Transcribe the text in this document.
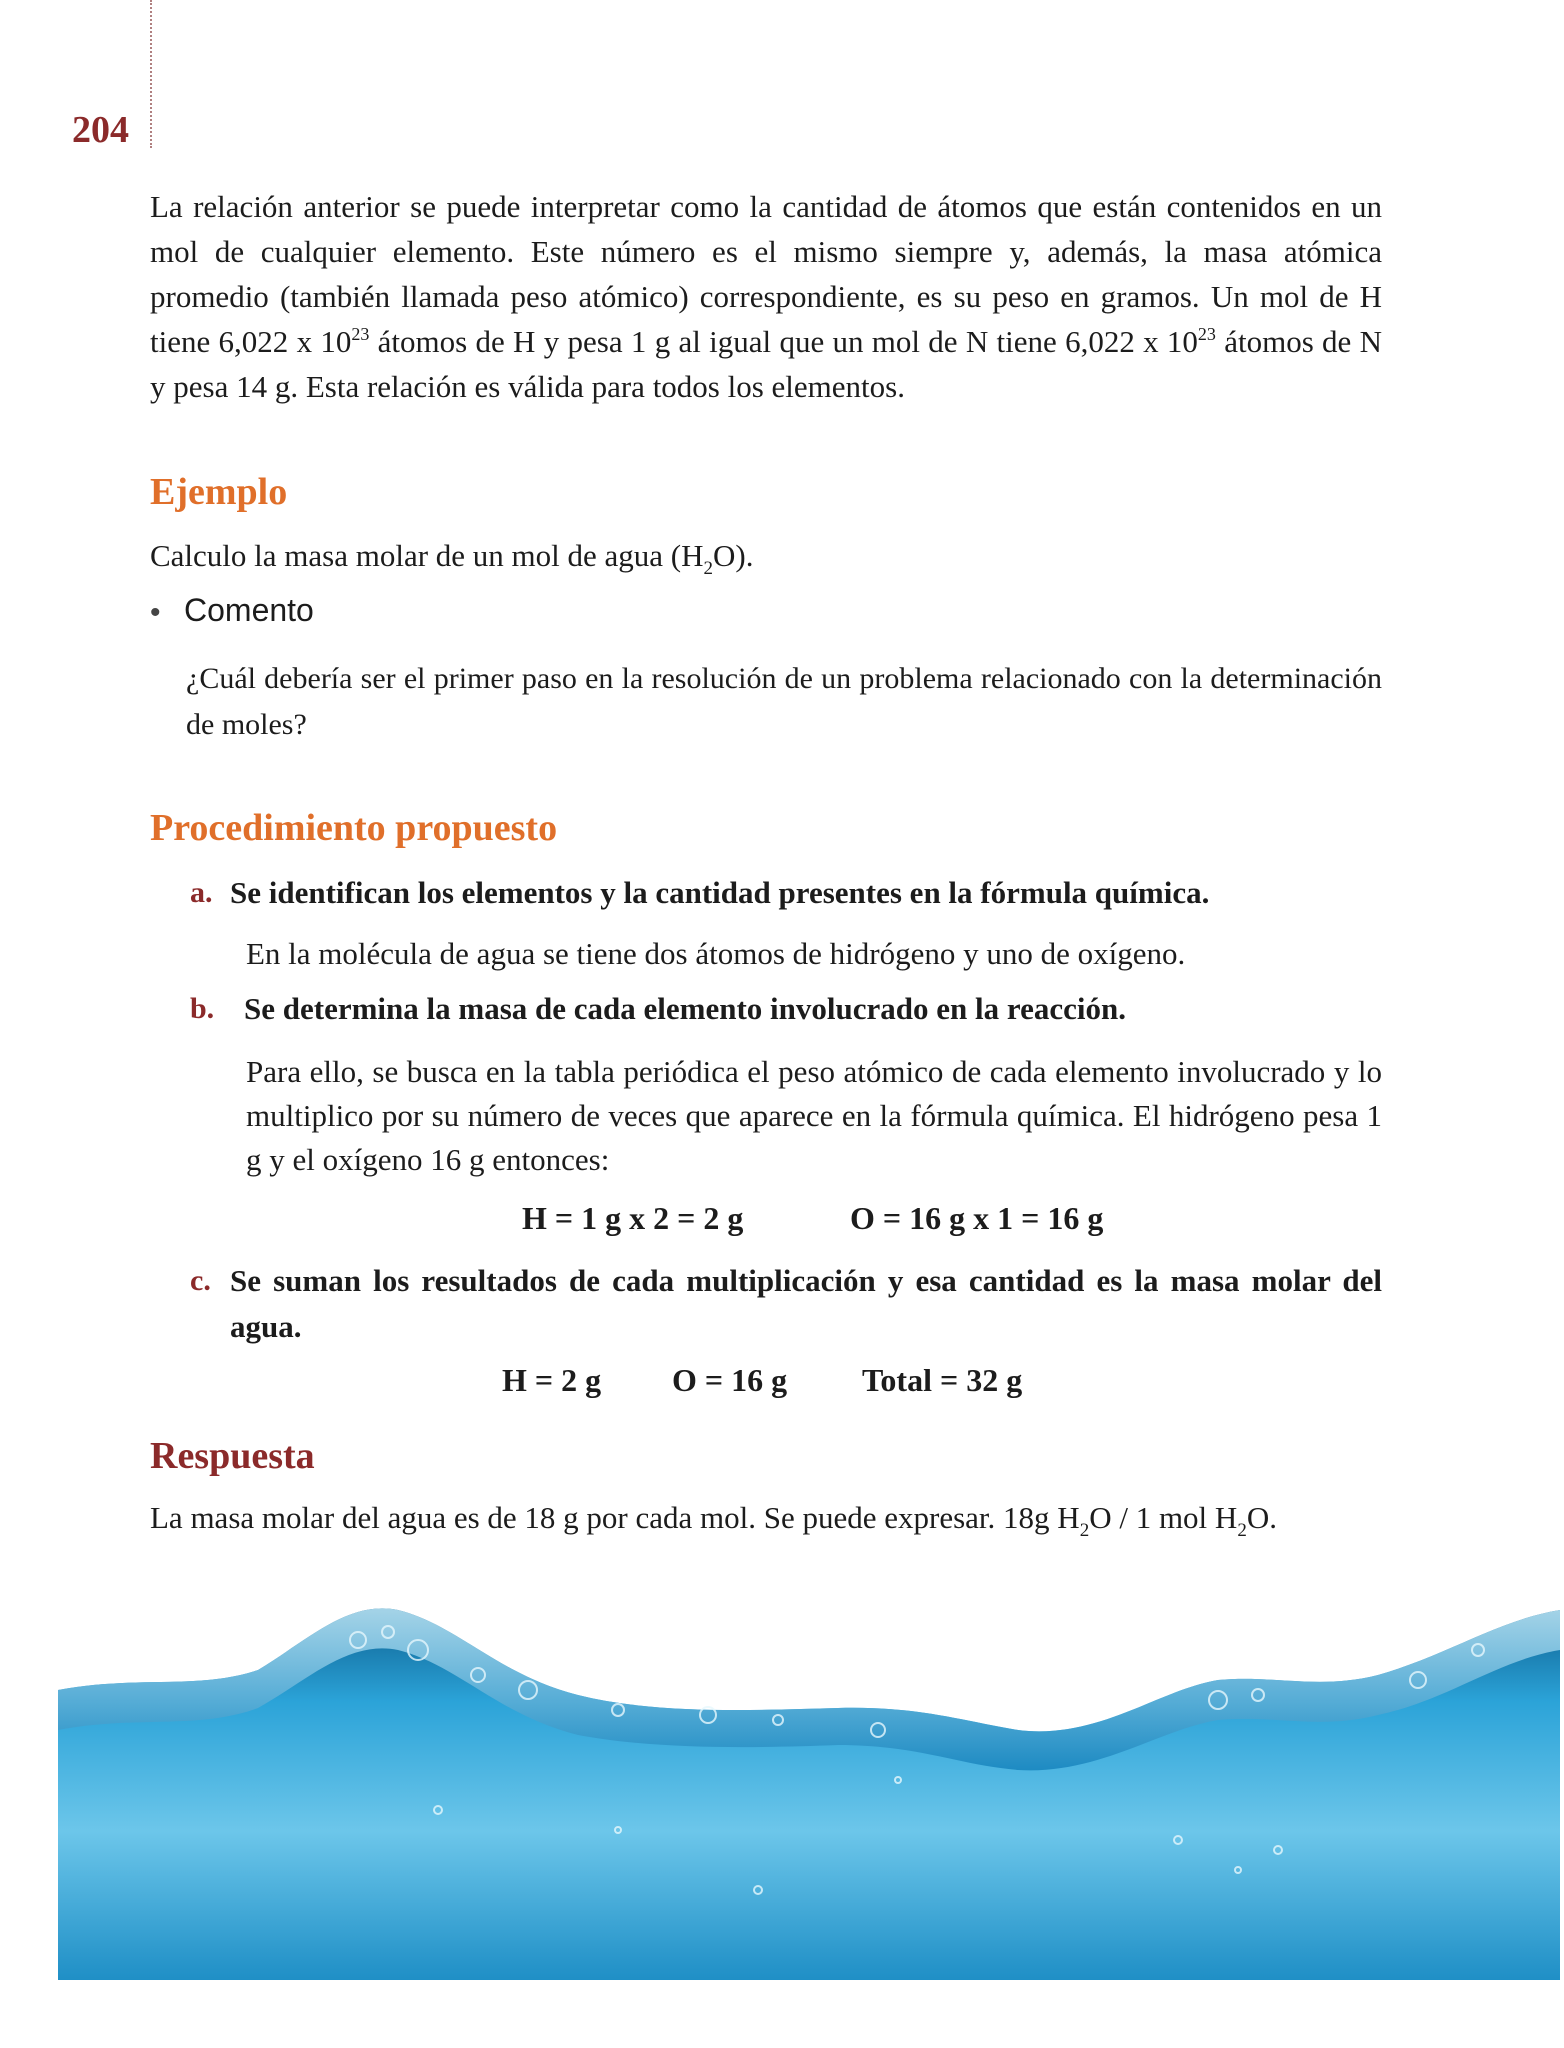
204

La relación anterior se puede interpretar como la cantidad de átomos que están contenidos en un mol de cualquier elemento. Este número es el mismo siempre y, además, la masa atómica promedio (también llamada peso atómico) correspondiente, es su peso en gramos. Un mol de H tiene 6,022 x $10^{23}$ átomos de H y pesa 1 g al igual que un mol de N tiene 6,022 x $10^{23}$ átomos de N y pesa 14 g. Esta relación es válida para todos los elementos.

Ejemplo
Calculo la masa molar de un mol de agua $(H_2O)$.
• Comento
¿Cuál debería ser el primer paso en la resolución de un problema relacionado con la determinación de moles?
Procedimiento propuesto
a. Se identifican los elementos y la cantidad presentes en la fórmula química.
En la molécula de agua se tiene dos átomos de hidrógeno y uno de oxígeno.
b. Se determina la masa de cada elemento involucrado en la reacción.
Para ello, se busca en la tabla periódica el peso atómico de cada elemento involucrado y lo multiplico por su número de veces que aparece en la fórmula química. El hidrógeno pesa 1 g y el oxígeno 16 g entonces:
H = 1 g x 2 = 2 g	O = 16 g x 1 = 16 g
c. Se suman los resultados de cada multiplicación y esa cantidad es la masa molar del agua.
H = 2 g O = 16 g Total = 32 g
Respuesta
La masa molar del agua es de 18 g por cada mol. Se puede expresar. 18g $H_2O / 1$ mol $H_2O$.
